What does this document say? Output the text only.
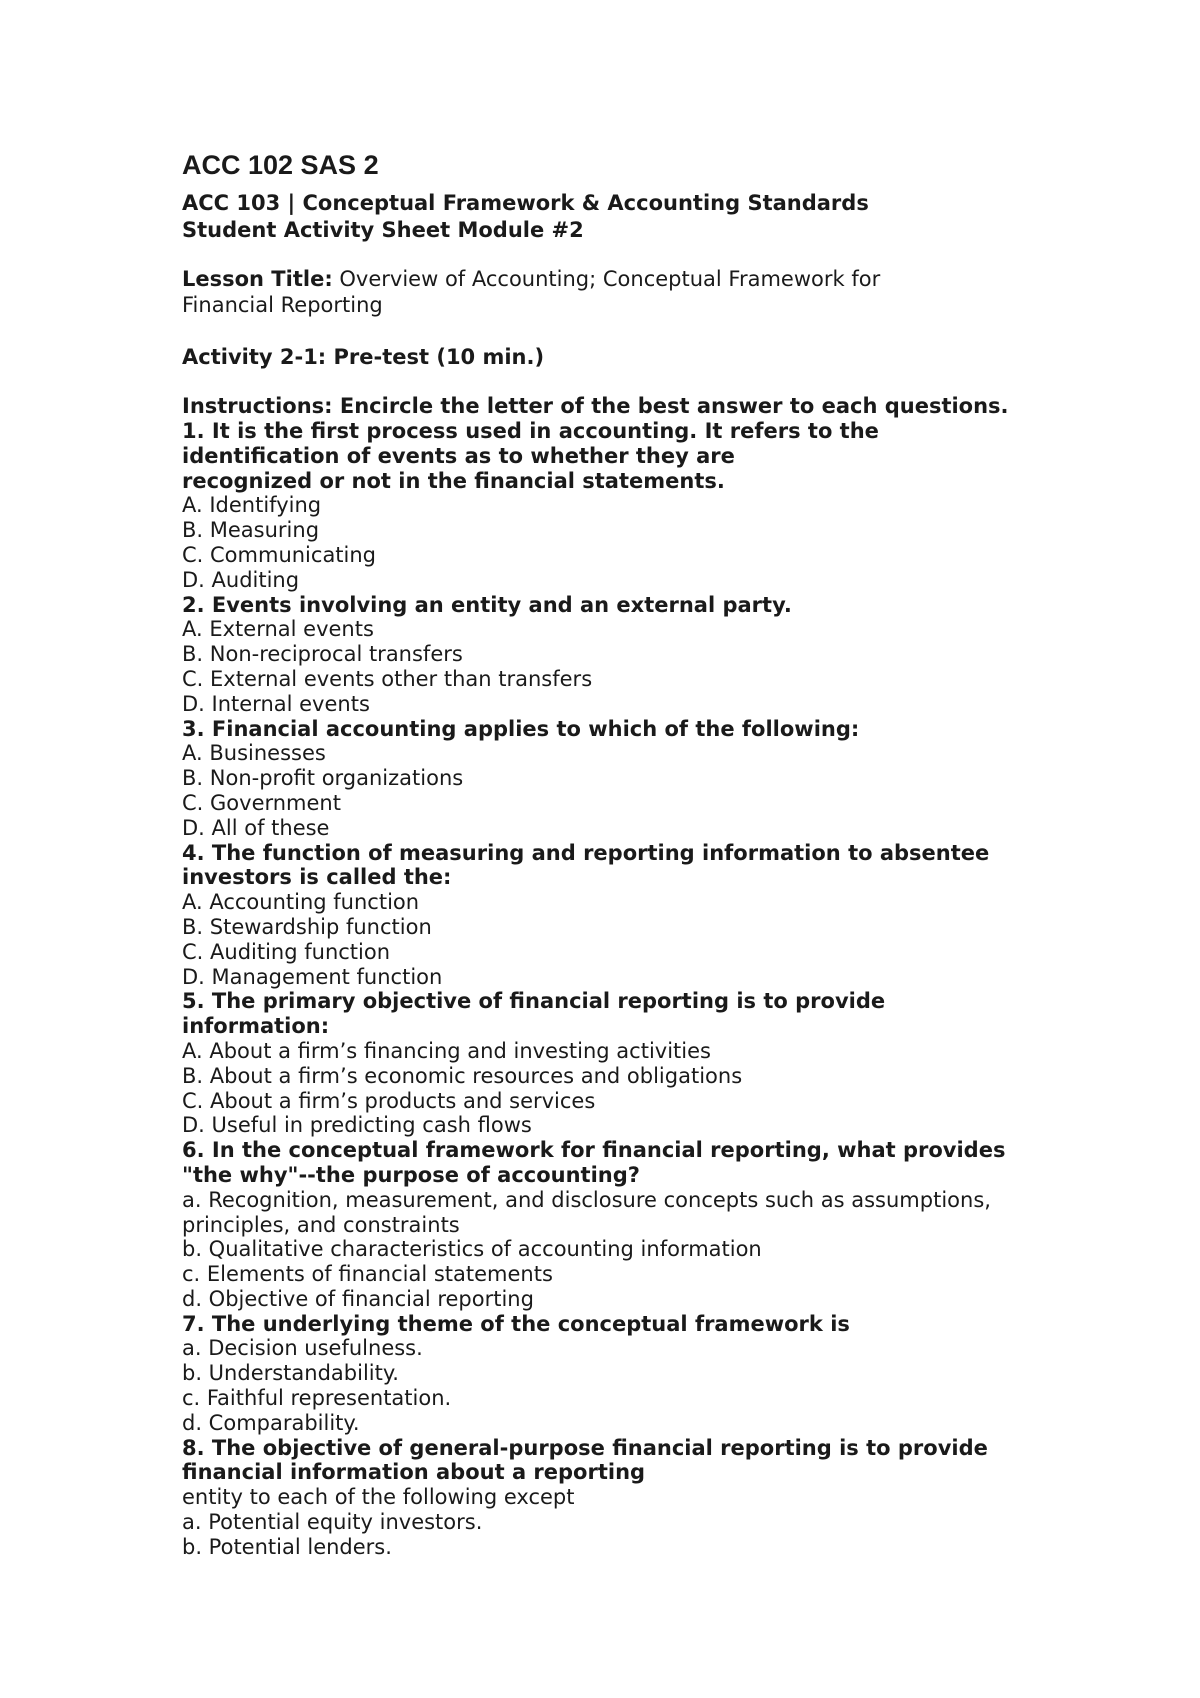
ACC 102 SAS 2
ACC 103 | Conceptual Framework & Accounting Standards
Student Activity Sheet Module #2
Lesson Title: Overview of Accounting; Conceptual Framework for
Financial Reporting
Activity 2-1: Pre-test (10 min.)
Instructions: Encircle the letter of the best answer to each questions.
1. It is the first process used in accounting. It refers to the
identification of events as to whether they are
recognized or not in the financial statements.
A. Identifying
B. Measuring
C. Communicating
D. Auditing
2. Events involving an entity and an external party.
A. External events
B. Non-reciprocal transfers
C. External events other than transfers
D. Internal events
3. Financial accounting applies to which of the following:
A. Businesses
B. Non-profit organizations
C. Government
D. All of these
4. The function of measuring and reporting information to absentee
investors is called the:
A. Accounting function
B. Stewardship function
C. Auditing function
D. Management function
5. The primary objective of financial reporting is to provide
information:
A. About a firm’s financing and investing activities
B. About a firm’s economic resources and obligations
C. About a firm’s products and services
D. Useful in predicting cash flows
6. In the conceptual framework for financial reporting, what provides
"the why"--the purpose of accounting?
a. Recognition, measurement, and disclosure concepts such as assumptions,
principles, and constraints
b. Qualitative characteristics of accounting information
c. Elements of financial statements
d. Objective of financial reporting
7. The underlying theme of the conceptual framework is
a. Decision usefulness.
b. Understandability.
c. Faithful representation.
d. Comparability.
8. The objective of general-purpose financial reporting is to provide
financial information about a reporting
entity to each of the following except
a. Potential equity investors.
b. Potential lenders.
